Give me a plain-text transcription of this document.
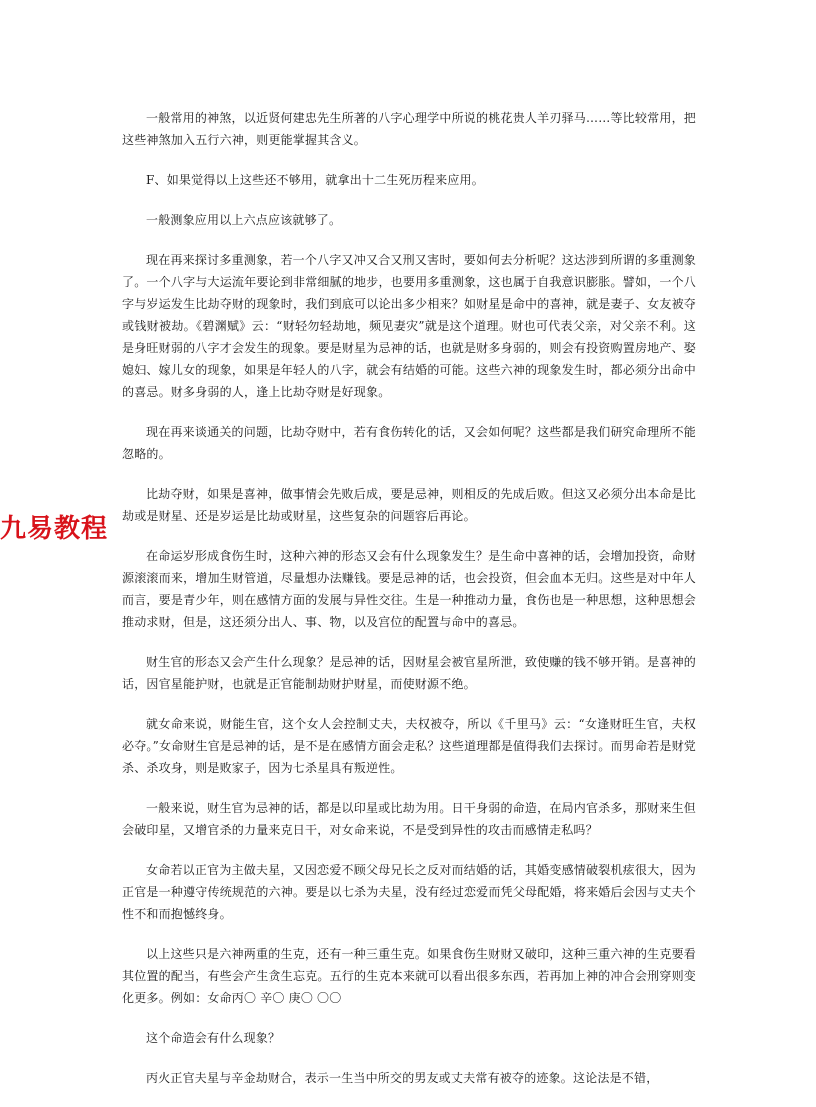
九易教程

一般常用的神煞，以近贤何建忠先生所著的八字心理学中所说的桃花贵人羊刃驿马……等比较常用，把这些神煞加入五行六神，则更能掌握其含义。

F、如果觉得以上这些还不够用，就拿出十二生死历程来应用。

一般测象应用以上六点应该就够了。

现在再来探讨多重测象，若一个八字又冲又合又刑又害时，要如何去分析呢？这达涉到所谓的多重测象了。一个八字与大运流年要论到非常细腻的地步，也要用多重测象，这也属于自我意识膨胀。譬如，一个八字与岁运发生比劫夺财的现象时，我们到底可以论出多少相来？如财星是命中的喜神，就是妻子、女友被夺或钱财被劫。《碧渊赋》云：“财轻勿轻劫地，频见妻灾”就是这个道理。财也可代表父亲，对父亲不利。这是身旺财弱的八字才会发生的现象。要是财星为忌神的话，也就是财多身弱的，则会有投资购置房地产、娶媳妇、嫁儿女的现象，如果是年轻人的八字，就会有结婚的可能。这些六神的现象发生时，都必须分出命中的喜忌。财多身弱的人，逢上比劫夺财是好现象。

现在再来谈通关的问题，比劫夺财中，若有食伤转化的话，又会如何呢？这些都是我们研究命理所不能忽略的。

比劫夺财，如果是喜神，做事情会先败后成，要是忌神，则相反的先成后败。但这又必须分出本命是比劫或是财星、还是岁运是比劫或财星，这些复杂的问题容后再论。

在命运岁形成食伤生时，这种六神的形态又会有什么现象发生？是生命中喜神的话，会增加投资，命财源滚滚而来，增加生财管道，尽量想办法赚钱。要是忌神的话，也会投资，但会血本无归。这些是对中年人而言，要是青少年，则在感情方面的发展与异性交往。生是一种推动力量，食伤也是一种思想，这种思想会推动求财，但是，这还须分出人、事、物，以及宫位的配置与命中的喜忌。

财生官的形态又会产生什么现象？是忌神的话，因财星会被官星所泄，致使赚的钱不够开销。是喜神的话，因官星能护财，也就是正官能制劫财护财星，而使财源不绝。

就女命来说，财能生官，这个女人会控制丈夫，夫权被夺，所以《千里马》云：“女逢财旺生官，夫权必夺。”女命财生官是忌神的话，是不是在感情方面会走私？这些道理都是值得我们去探讨。而男命若是财党杀、杀攻身，则是败家子，因为七杀星具有叛逆性。

一般来说，财生官为忌神的话，都是以印星或比劫为用。日干身弱的命造，在局内官杀多，那财来生但会破印星，又增官杀的力量来克日干，对女命来说，不是受到异性的攻击而感情走私吗？

女命若以正官为主做夫星，又因恋爱不顾父母兄长之反对而结婚的话，其婚变感情破裂机痃很大，因为正官是一种遵守传统规范的六神。要是以七杀为夫星，没有经过恋爱而凭父母配婚，将来婚后会因与丈夫个性不和而抱憾终身。

以上这些只是六神两重的生克，还有一种三重生克。如果食伤生财财又破印，这种三重六神的生克要看其位置的配当，有些会产生贪生忘克。五行的生克本来就可以看出很多东西，若再加上神的冲合会刑穿则变化更多。例如：女命丙〇 辛〇 庚〇 〇〇

这个命造会有什么现象？

丙火正官夫星与辛金劫财合，表示一生当中所交的男友或丈夫常有被夺的迹象。这论法是不错，
